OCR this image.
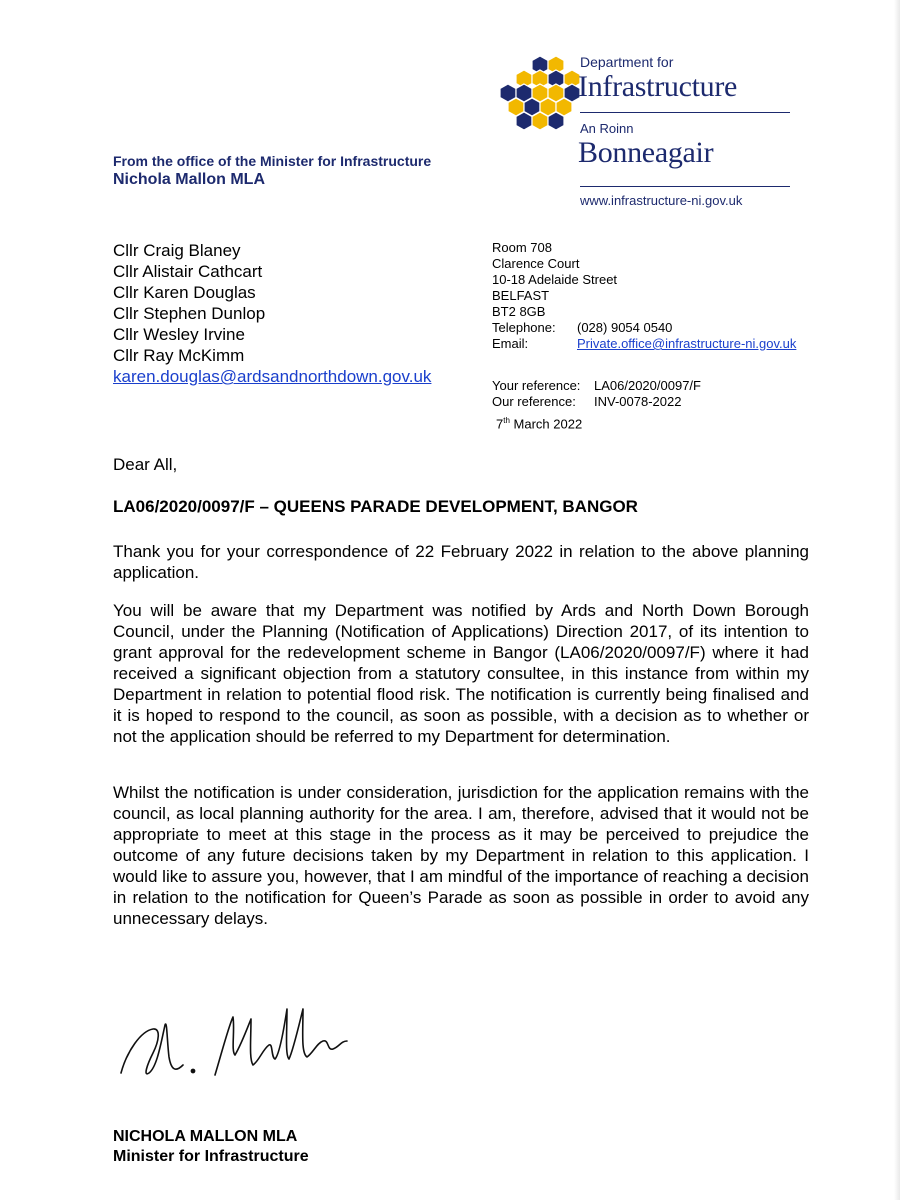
Department for
Infrastructure
An Roinn
Bonneagair
www.infrastructure-ni.gov.uk
From the office of the Minister for Infrastructure
Nichola Mallon MLA
Cllr Craig Blaney
Cllr Alistair Cathcart
Cllr Karen Douglas
Cllr Stephen Dunlop
Cllr Wesley Irvine
Cllr Ray McKimm
karen.douglas@ardsandnorthdown.gov.uk
Room 708
Clarence Court
10-18 Adelaide Street
BELFAST
BT2 8GB
Telephone:	(028) 9054 0540
Email:	Private.office@infrastructure-ni.gov.uk
Your reference:	LA06/2020/0097/F
Our reference:	INV-0078-2022
7th March 2022
Dear All,
LA06/2020/0097/F – QUEENS PARADE DEVELOPMENT, BANGOR
Thank you for your correspondence of 22 February 2022 in relation to the above planning application.
You will be aware that my Department was notified by Ards and North Down Borough Council, under the Planning (Notification of Applications) Direction 2017, of its intention to grant approval for the redevelopment scheme in Bangor (LA06/2020/0097/F) where it had received a significant objection from a statutory consultee, in this instance from within my Department in relation to potential flood risk. The notification is currently being finalised and it is hoped to respond to the council, as soon as possible, with a decision as to whether or not the application should be referred to my Department for determination.
Whilst the notification is under consideration, jurisdiction for the application remains with the council, as local planning authority for the area. I am, therefore, advised that it would not be appropriate to meet at this stage in the process as it may be perceived to prejudice the outcome of any future decisions taken by my Department in relation to this application. I would like to assure you, however, that I am mindful of the importance of reaching a decision in relation to the notification for Queen’s Parade as soon as possible in order to avoid any unnecessary delays.
NICHOLA MALLON MLA
Minister for Infrastructure
